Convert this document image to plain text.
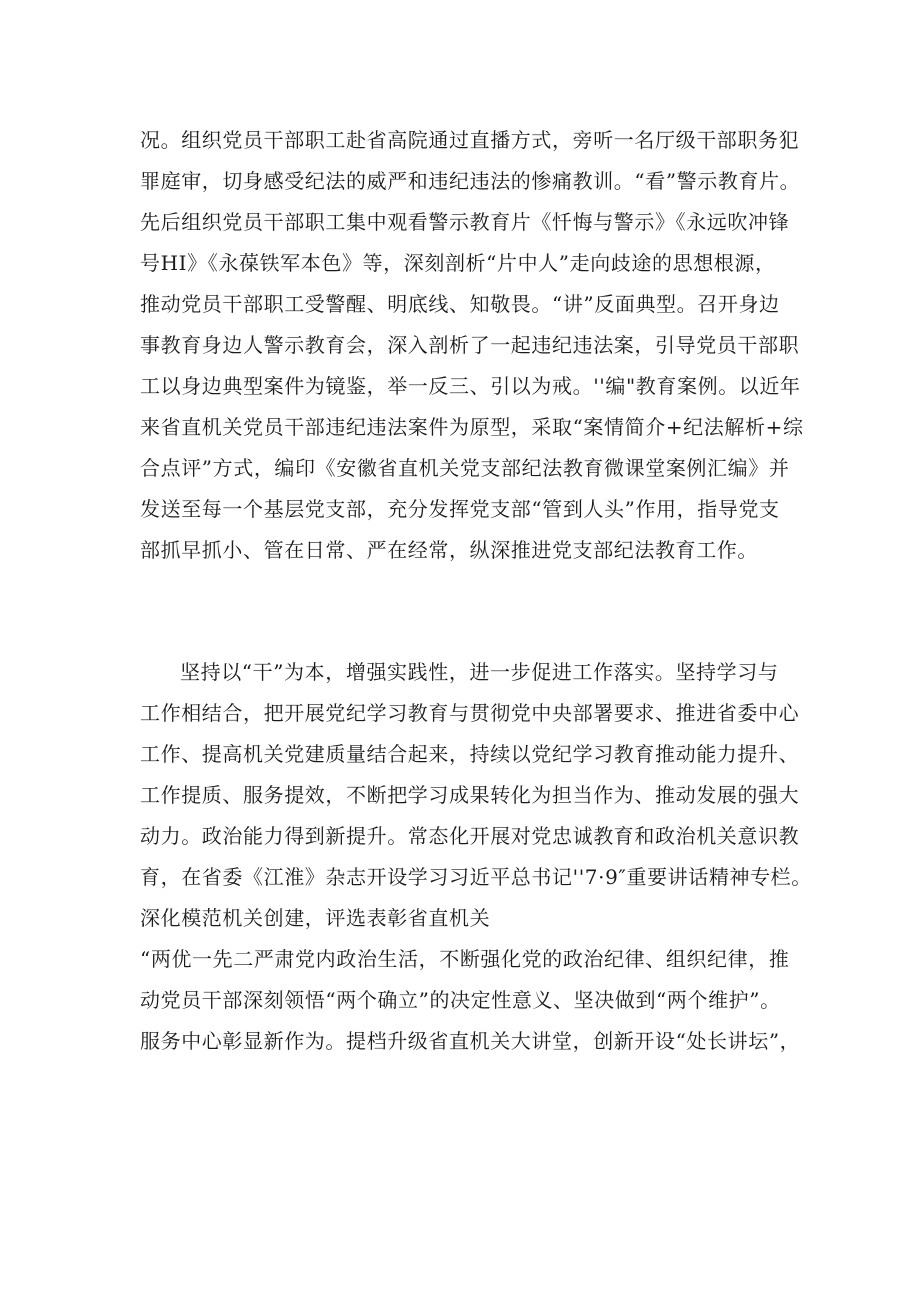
况。组织党员干部职工赴省高院通过直播方式，旁听一名厅级干部职务犯
罪庭审，切身感受纪法的威严和违纪违法的惨痛教训。“看”警示教育片。
先后组织党员干部职工集中观看警示教育片《忏悔与警示》《永远吹冲锋
号HI》《永葆铁军本色》等，深刻剖析“片中人”走向歧途的思想根源，
推动党员干部职工受警醒、明底线、知敬畏。“讲”反面典型。召开身边
事教育身边人警示教育会，深入剖析了一起违纪违法案，引导党员干部职
工以身边典型案件为镜鉴，举一反三、引以为戒。''编"教育案例。以近年
来省直机关党员干部违纪违法案件为原型，采取“案情简介+纪法解析+综
合点评”方式，编印《安徽省直机关党支部纪法教育微课堂案例汇编》并
发送至每一个基层党支部，充分发挥党支部“管到人头”作用，指导党支
部抓早抓小、管在日常、严在经常，纵深推进党支部纪法教育工作。
坚持以“干”为本，增强实践性，进一步促进工作落实。坚持学习与
工作相结合，把开展党纪学习教育与贯彻党中央部署要求、推进省委中心
工作、提高机关党建质量结合起来，持续以党纪学习教育推动能力提升、
工作提质、服务提效，不断把学习成果转化为担当作为、推动发展的强大
动力。政治能力得到新提升。常态化开展对党忠诚教育和政治机关意识教
育，在省委《江淮》杂志开设学习习近平总书记''7·9″重要讲话精神专栏。
深化模范机关创建，评选表彰省直机关
“两优一先二严肃党内政治生活，不断强化党的政治纪律、组织纪律，推
动党员干部深刻领悟“两个确立”的决定性意义、坚决做到“两个维护”。
服务中心彰显新作为。提档升级省直机关大讲堂，创新开设“处长讲坛”，
